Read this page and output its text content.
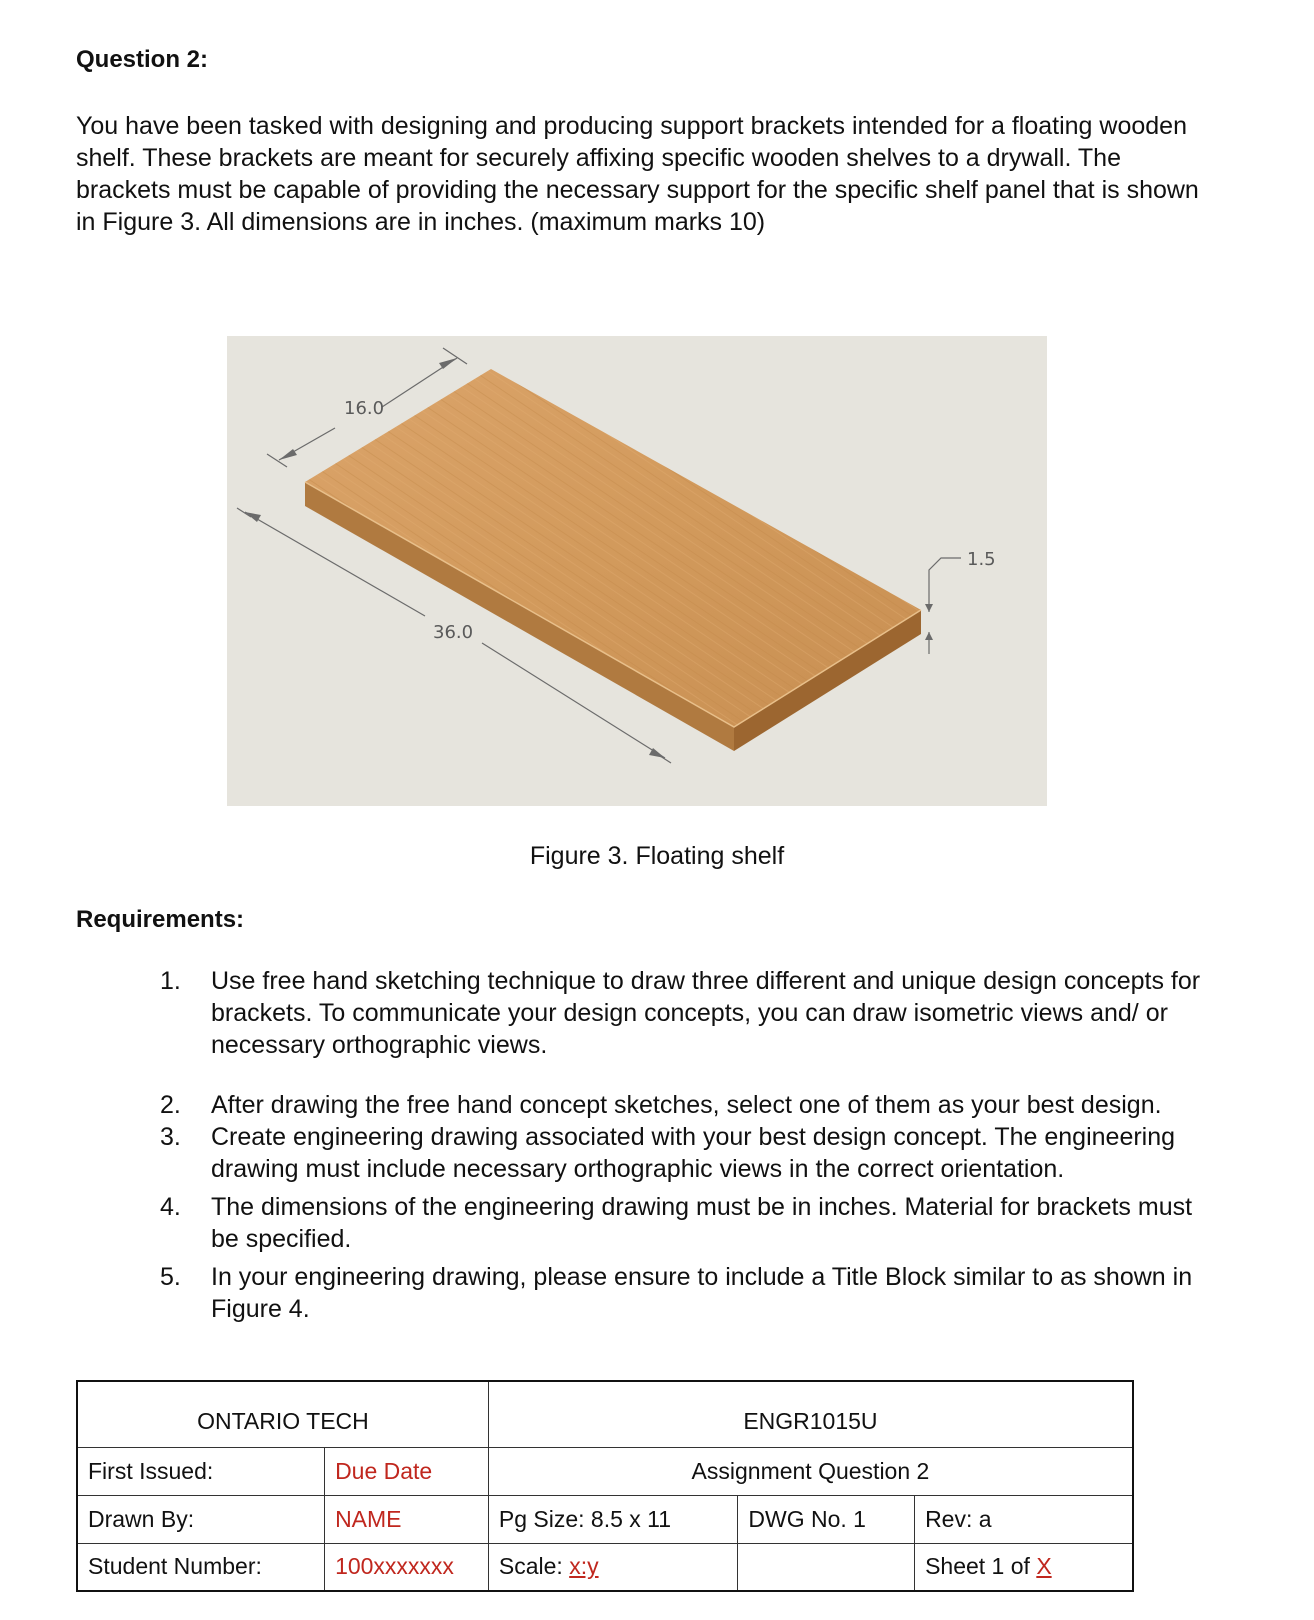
Question 2:

You have been tasked with designing and producing support brackets intended for a floating wooden shelf. These brackets are meant for securely affixing specific wooden shelves to a drywall. The brackets must be capable of providing the necessary support for the specific shelf panel that is shown in Figure 3. All dimensions are in inches. (maximum marks 10)

16.0
36.0
1.5
Figure 3. Floating shelf
Requirements:
1.	Use free hand sketching technique to draw three different and unique design concepts for brackets. To communicate your design concepts, you can draw isometric views and/ or necessary orthographic views.
2.	After drawing the free hand concept sketches, select one of them as your best design.
3.	Create engineering drawing associated with your best design concept. The engineering drawing must include necessary orthographic views in the correct orientation.
4.	The dimensions of the engineering drawing must be in inches. Material for brackets must be specified.
5.	In your engineering drawing, please ensure to include a Title Block similar to as shown in Figure 4.
ONTARIO TECH		ENGR1015U		
First Issued:	Due Date	Assignment Question 2		
Drawn By:	NAME	Pg Size: 8.5 x 11	DWG No. 1	Rev: a
Student Number:	100xxxxxxx	Scale: x:y		Sheet 1 of X
